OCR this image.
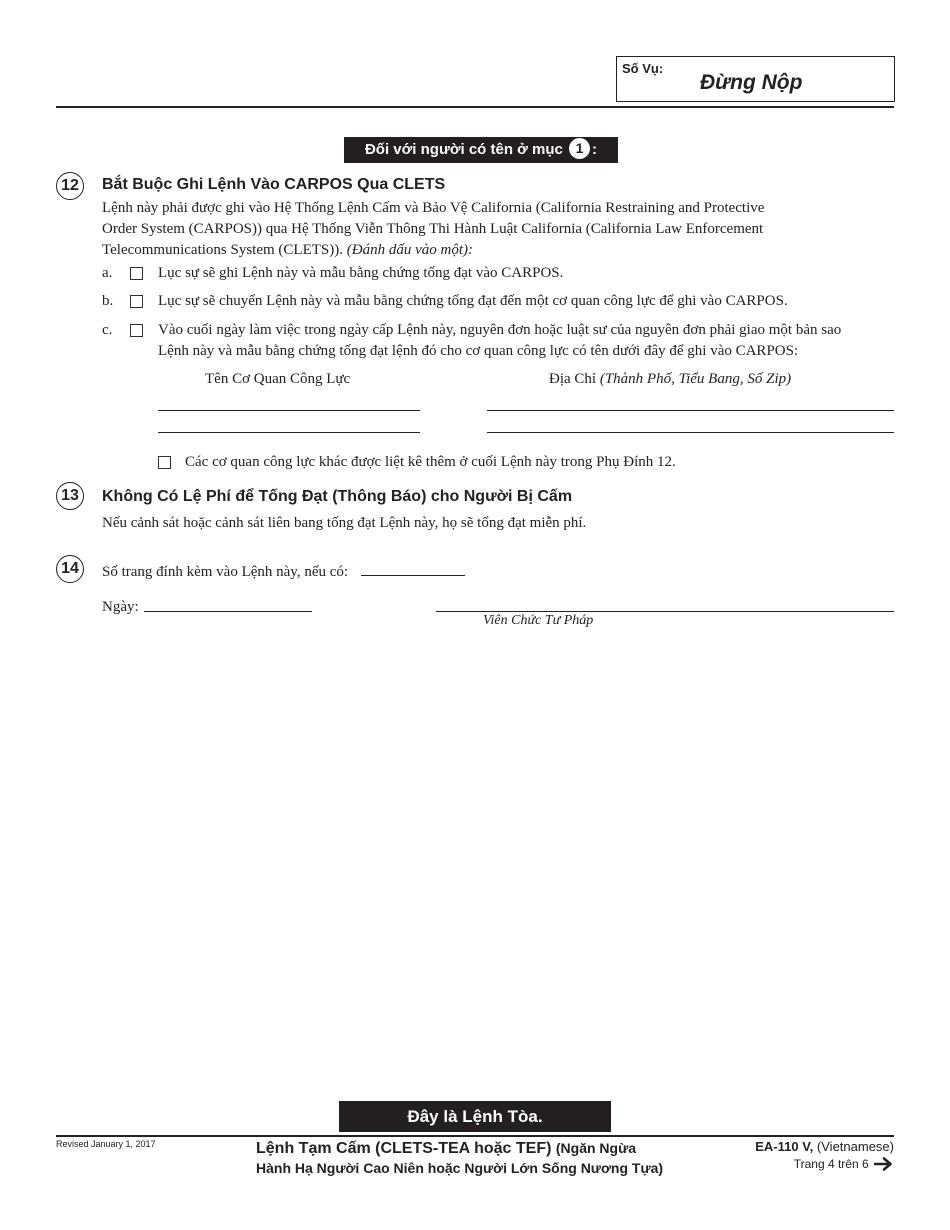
Số Vụ:
Đừng Nộp
Đối với người có tên ở mục 1 :
12	Bắt Buộc Ghi Lệnh Vào CARPOS Qua CLETS
Lệnh này phải được ghi vào Hệ Thống Lệnh Cấm và Bảo Vệ California (California Restraining and Protective
Order System (CARPOS)) qua Hệ Thống Viễn Thông Thi Hành Luật California (California Law Enforcement
Telecommunications System (CLETS)). (Đánh dấu vào một):
a.	Lục sự sẽ ghi Lệnh này và mẫu bằng chứng tống đạt vào CARPOS.
b.	Lục sự sẽ chuyển Lệnh này và mẫu bằng chứng tống đạt đến một cơ quan công lực để ghi vào CARPOS.
c.	Vào cuối ngày làm việc trong ngày cấp Lệnh này, nguyên đơn hoặc luật sư của nguyên đơn phải giao một bản sao
Lệnh này và mẫu bằng chứng tống đạt lệnh đó cho cơ quan công lực có tên dưới đây để ghi vào CARPOS:
Tên Cơ Quan Công Lực	Địa Chỉ (Thành Phố, Tiểu Bang, Số Zip)
Các cơ quan công lực khác được liệt kê thêm ở cuối Lệnh này trong Phụ Đính 12.
13	Không Có Lệ Phí để Tống Đạt (Thông Báo) cho Người Bị Cấm
Nếu cảnh sát hoặc cảnh sát liên bang tống đạt Lệnh này, họ sẽ tống đạt miễn phí.
14	Số trang đính kèm vào Lệnh này, nếu có:
Ngày:
Viên Chức Tư Pháp
Đây là Lệnh Tòa.
Revised January 1, 2017	Lệnh Tạm Cấm (CLETS-TEA hoặc TEF) (Ngăn Ngừa
Hành Hạ Người Cao Niên hoặc Người Lớn Sống Nương Tựa)
EA-110 V, (Vietnamese)
Trang 4 trên 6
